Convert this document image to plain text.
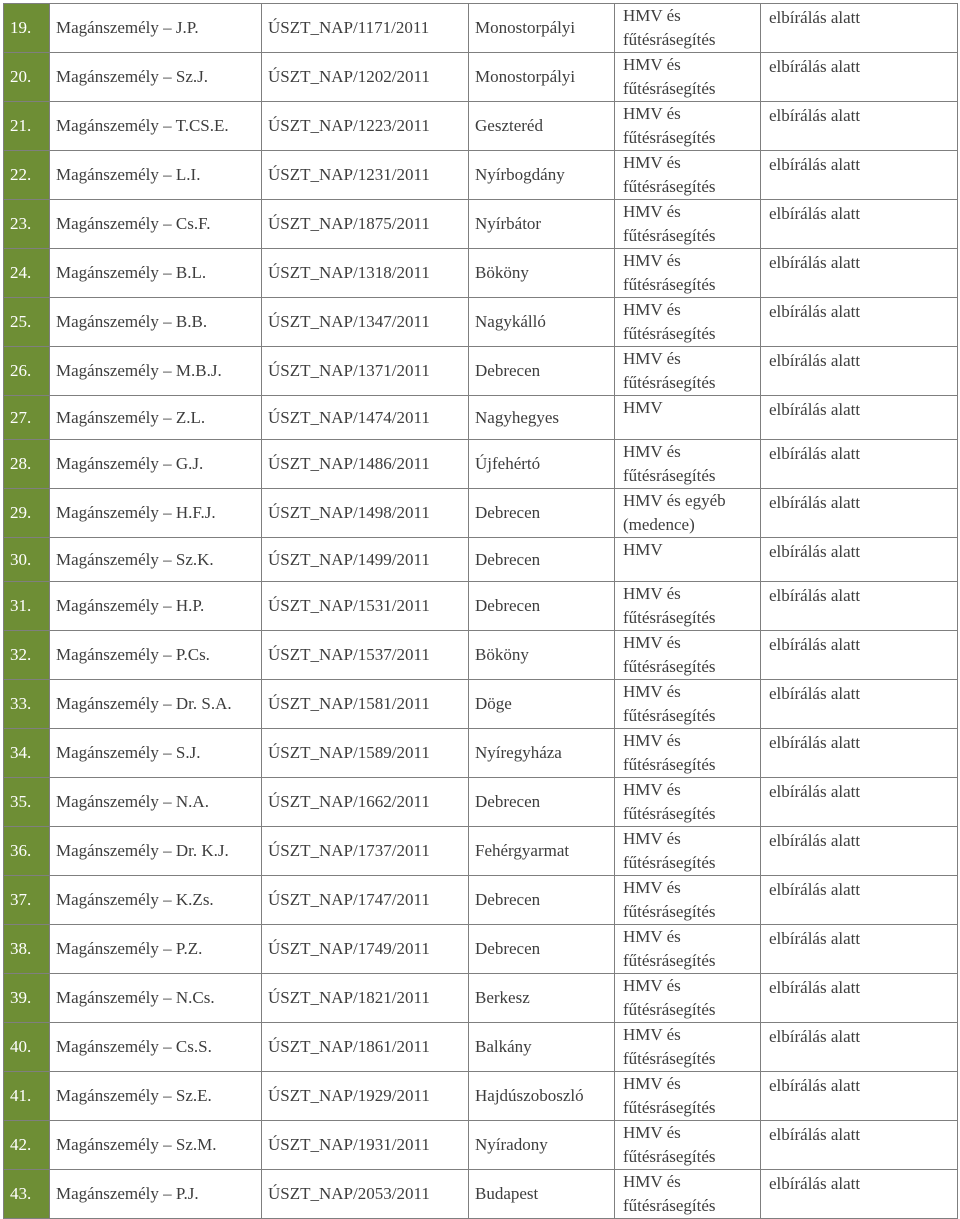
19.	Magánszemély – J.P.	ÚSZT_NAP/1171/2011	Monostorpályi	HMV és fűtésrásegítés	elbírálás alatt
20.	Magánszemély – Sz.J.	ÚSZT_NAP/1202/2011	Monostorpályi	HMV és fűtésrásegítés	elbírálás alatt
21.	Magánszemély – T.CS.E.	ÚSZT_NAP/1223/2011	Geszteréd	HMV és fűtésrásegítés	elbírálás alatt
22.	Magánszemély – L.I.	ÚSZT_NAP/1231/2011	Nyírbogdány	HMV és fűtésrásegítés	elbírálás alatt
23.	Magánszemély – Cs.F.	ÚSZT_NAP/1875/2011	Nyírbátor	HMV és fűtésrásegítés	elbírálás alatt
24.	Magánszemély – B.L.	ÚSZT_NAP/1318/2011	Bököny	HMV és fűtésrásegítés	elbírálás alatt
25.	Magánszemély – B.B.	ÚSZT_NAP/1347/2011	Nagykálló	HMV és fűtésrásegítés	elbírálás alatt
26.	Magánszemély – M.B.J.	ÚSZT_NAP/1371/2011	Debrecen	HMV és fűtésrásegítés	elbírálás alatt
27.	Magánszemély – Z.L.	ÚSZT_NAP/1474/2011	Nagyhegyes	HMV	elbírálás alatt
28.	Magánszemély – G.J.	ÚSZT_NAP/1486/2011	Újfehértó	HMV és fűtésrásegítés	elbírálás alatt
29.	Magánszemély – H.F.J.	ÚSZT_NAP/1498/2011	Debrecen	HMV és egyéb (medence)	elbírálás alatt
30.	Magánszemély – Sz.K.	ÚSZT_NAP/1499/2011	Debrecen	HMV	elbírálás alatt
31.	Magánszemély – H.P.	ÚSZT_NAP/1531/2011	Debrecen	HMV és fűtésrásegítés	elbírálás alatt
32.	Magánszemély – P.Cs.	ÚSZT_NAP/1537/2011	Bököny	HMV és fűtésrásegítés	elbírálás alatt
33.	Magánszemély – Dr. S.A.	ÚSZT_NAP/1581/2011	Döge	HMV és fűtésrásegítés	elbírálás alatt
34.	Magánszemély – S.J.	ÚSZT_NAP/1589/2011	Nyíregyháza	HMV és fűtésrásegítés	elbírálás alatt
35.	Magánszemély – N.A.	ÚSZT_NAP/1662/2011	Debrecen	HMV és fűtésrásegítés	elbírálás alatt
36.	Magánszemély – Dr. K.J.	ÚSZT_NAP/1737/2011	Fehérgyarmat	HMV és fűtésrásegítés	elbírálás alatt
37.	Magánszemély – K.Zs.	ÚSZT_NAP/1747/2011	Debrecen	HMV és fűtésrásegítés	elbírálás alatt
38.	Magánszemély – P.Z.	ÚSZT_NAP/1749/2011	Debrecen	HMV és fűtésrásegítés	elbírálás alatt
39.	Magánszemély – N.Cs.	ÚSZT_NAP/1821/2011	Berkesz	HMV és fűtésrásegítés	elbírálás alatt
40.	Magánszemély – Cs.S.	ÚSZT_NAP/1861/2011	Balkány	HMV és fűtésrásegítés	elbírálás alatt
41.	Magánszemély – Sz.E.	ÚSZT_NAP/1929/2011	Hajdúszoboszló	HMV és fűtésrásegítés	elbírálás alatt
42.	Magánszemély – Sz.M.	ÚSZT_NAP/1931/2011	Nyíradony	HMV és fűtésrásegítés	elbírálás alatt
43.	Magánszemély – P.J.	ÚSZT_NAP/2053/2011	Budapest	HMV és fűtésrásegítés	elbírálás alatt
